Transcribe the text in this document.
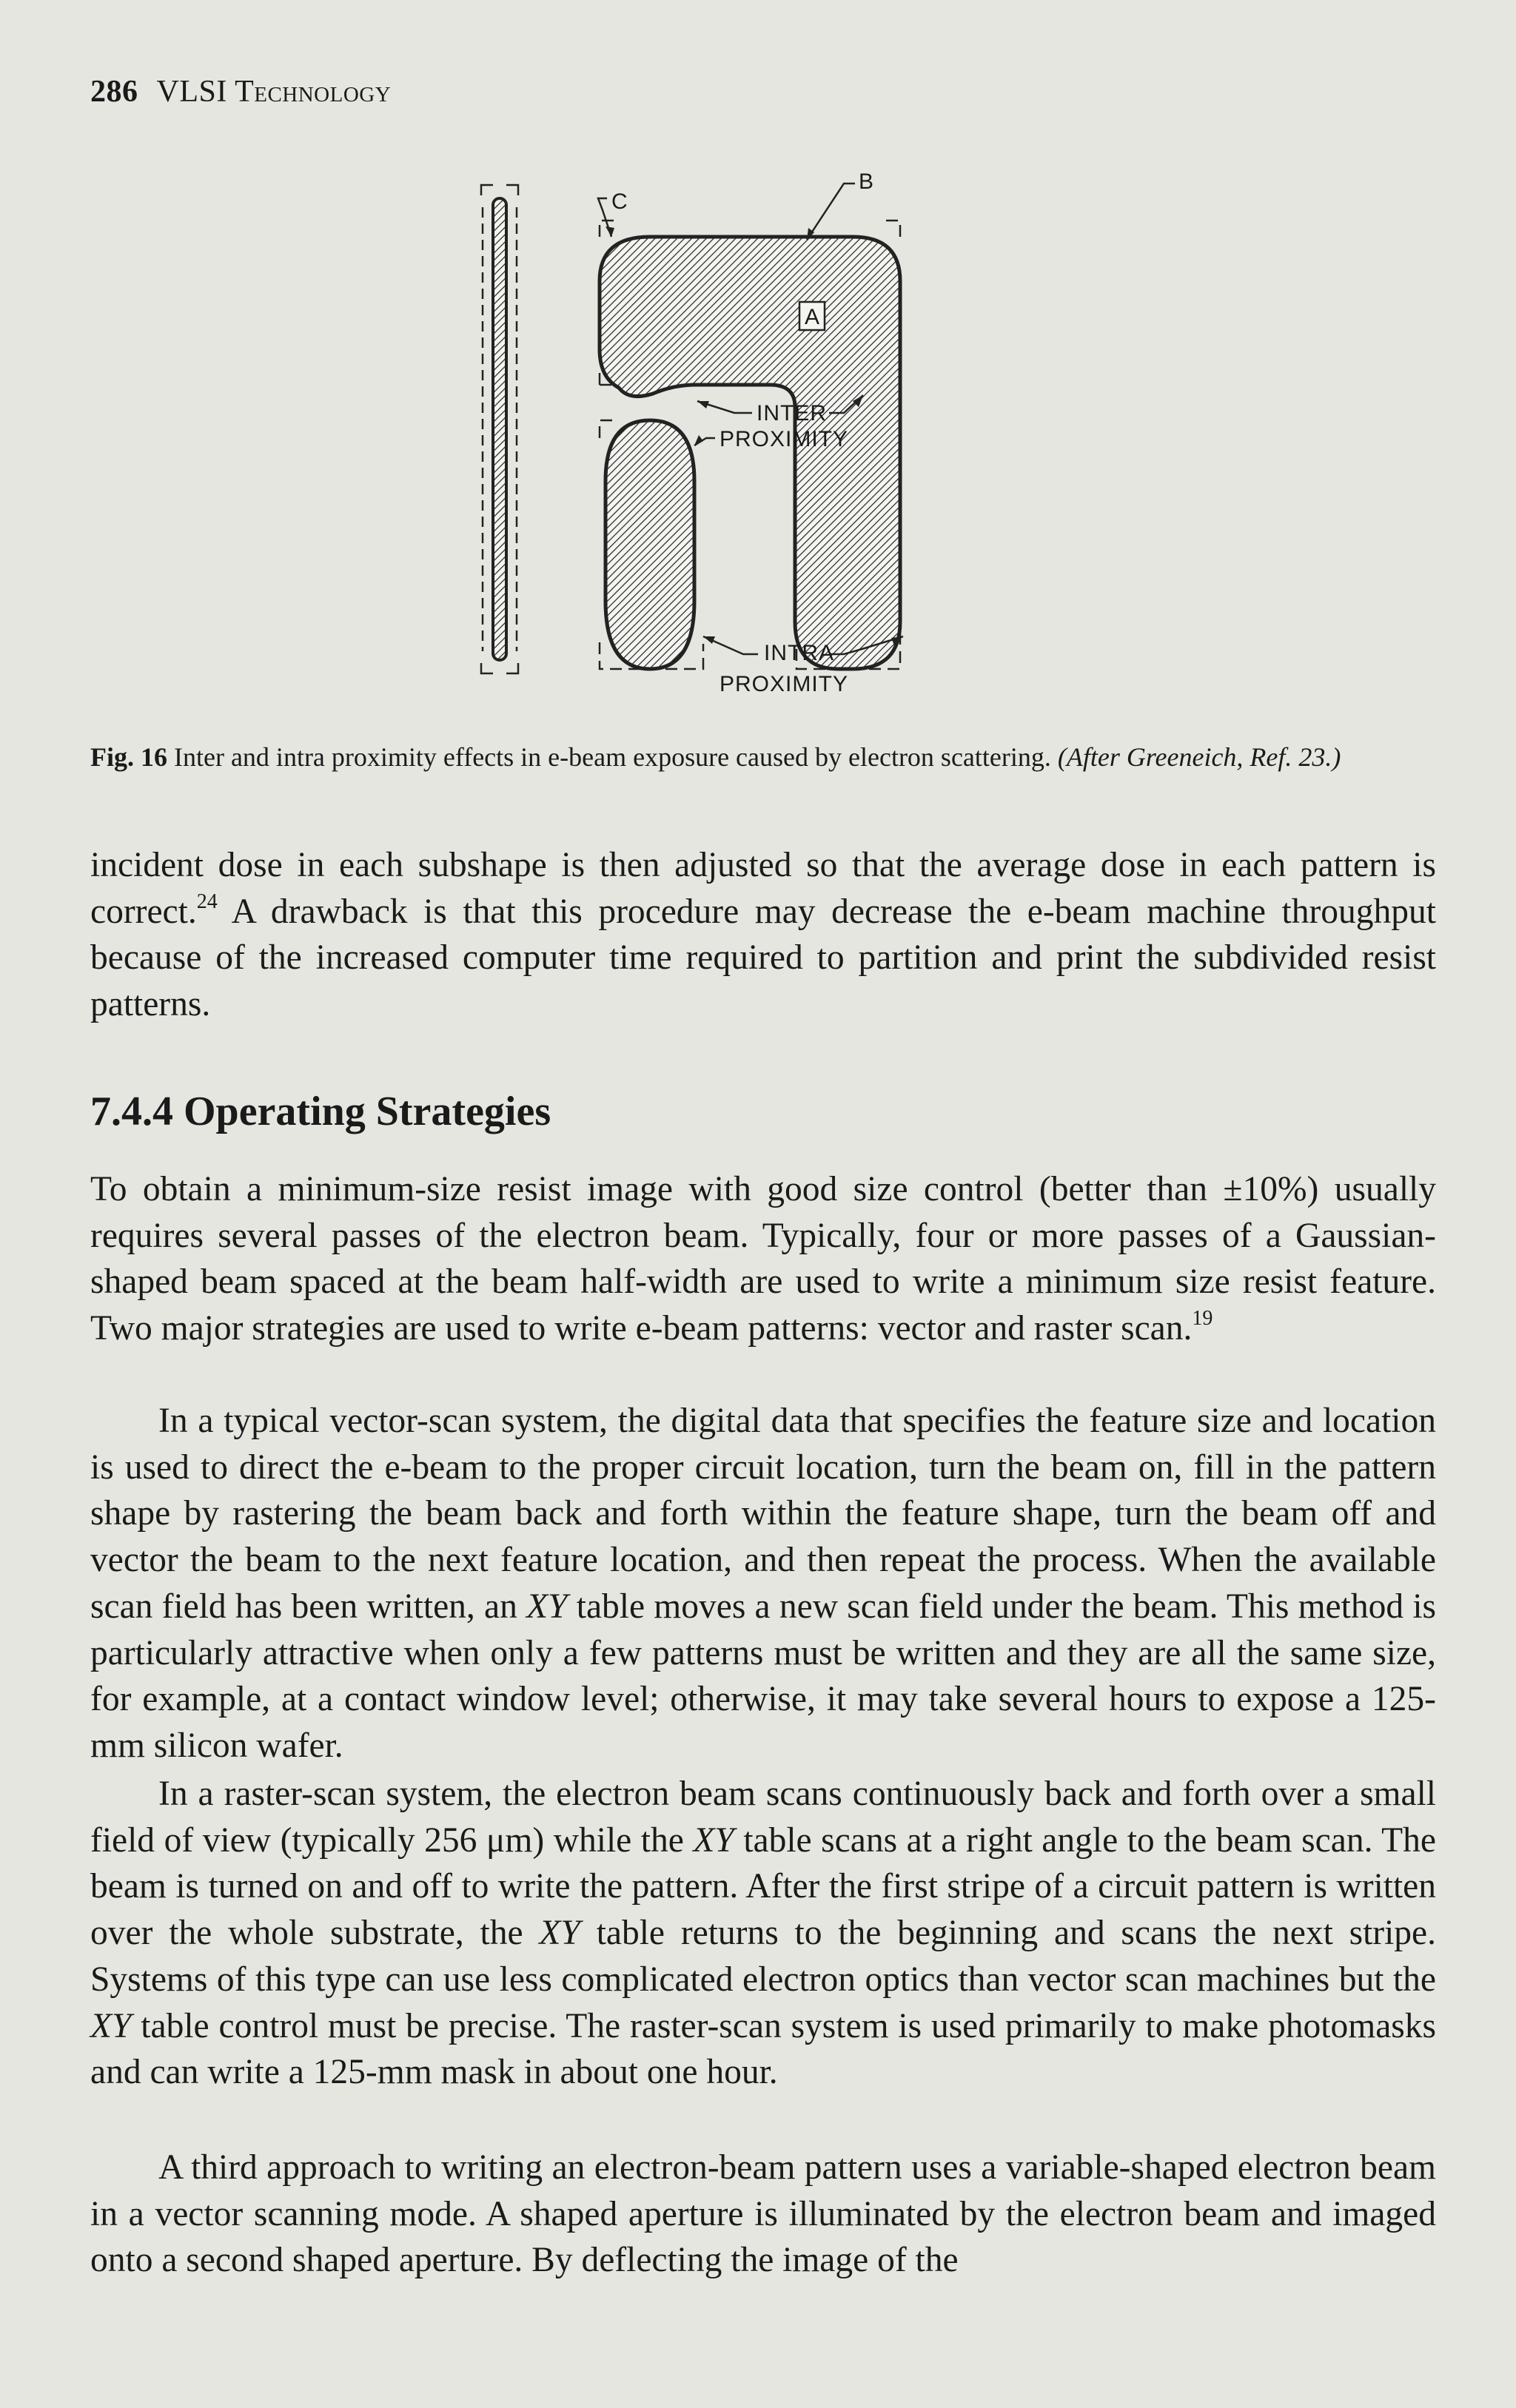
286 VLSI Technology
A
B
C
INTER
PROXIMITY
INTRA
PROXIMITY
Fig. 16 Inter and intra proximity effects in e-beam exposure caused by electron scattering. (After Greeneich, Ref. 23.)

incident dose in each subshape is then adjusted so that the average dose in each pattern is correct.$^{24}$ A drawback is that this procedure may decrease the e-beam machine throughput because of the increased computer time required to partition and print the subdivided resist patterns.

7.4.4 Operating Strategies

To obtain a minimum-size resist image with good size control (better than ±10%) usually requires several passes of the electron beam. Typically, four or more passes of a Gaussian-shaped beam spaced at the beam half-width are used to write a minimum size resist feature. Two major strategies are used to write e-beam patterns: vector and raster scan.$^{19}$

In a typical vector-scan system, the digital data that specifies the feature size and location is used to direct the e-beam to the proper circuit location, turn the beam on, fill in the pattern shape by rastering the beam back and forth within the feature shape, turn the beam off and vector the beam to the next feature location, and then repeat the process. When the available scan field has been written, an XY table moves a new scan field under the beam. This method is particularly attractive when only a few patterns must be written and they are all the same size, for example, at a contact window level; otherwise, it may take several hours to expose a 125-mm silicon wafer.

In a raster-scan system, the electron beam scans continuously back and forth over a small field of view (typically 256 μm) while the XY table scans at a right angle to the beam scan. The beam is turned on and off to write the pattern. After the first stripe of a circuit pattern is written over the whole substrate, the XY table returns to the beginning and scans the next stripe. Systems of this type can use less complicated electron optics than vector scan machines but the XY table control must be precise. The raster-scan system is used primarily to make photomasks and can write a 125-mm mask in about one hour.

A third approach to writing an electron-beam pattern uses a variable-shaped electron beam in a vector scanning mode. A shaped aperture is illuminated by the electron beam and imaged onto a second shaped aperture. By deflecting the image of the
